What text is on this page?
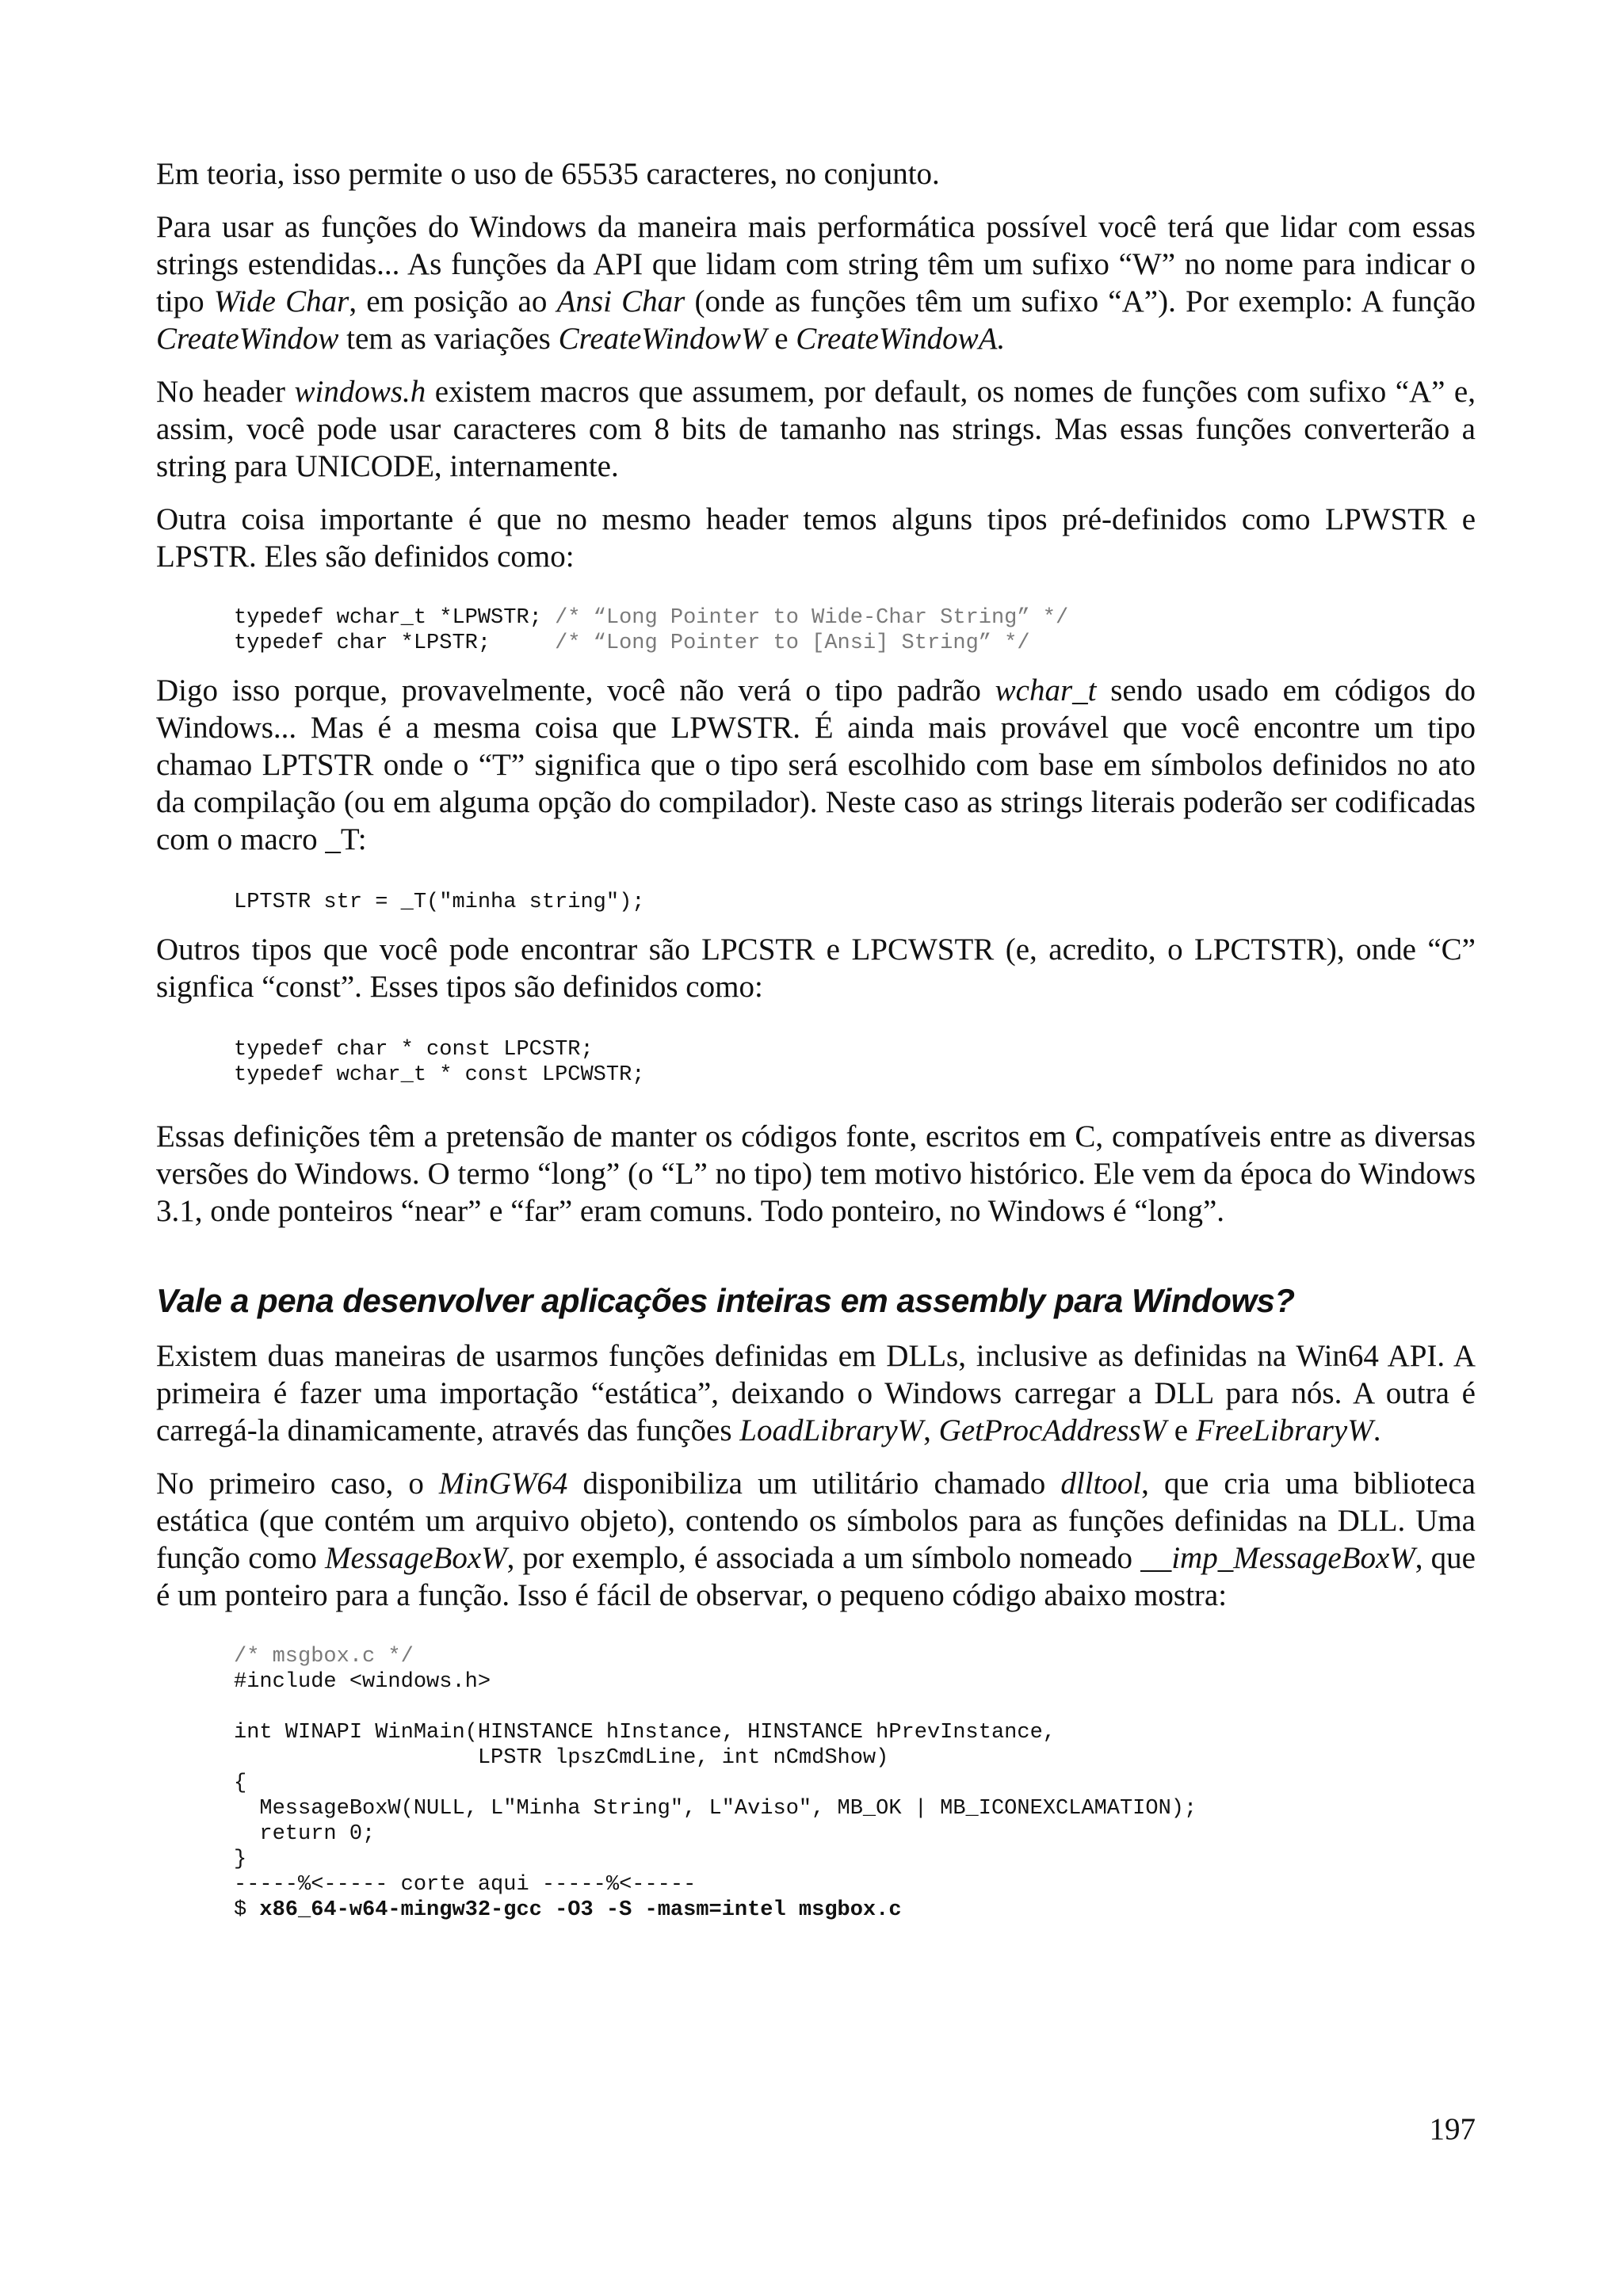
Em teoria, isso permite o uso de 65535 caracteres, no conjunto.

Para usar as funções do Windows da maneira mais performática possível você terá que lidar com essas strings estendidas... As funções da API que lidam com string têm um sufixo “W” no nome para indicar o tipo Wide Char, em posição ao Ansi Char (onde as funções têm um sufixo “A”). Por exemplo: A função CreateWindow tem as variações CreateWindowW e CreateWindowA.

No header windows.h existem macros que assumem, por default, os nomes de funções com sufixo “A” e, assim, você pode usar caracteres com 8 bits de tamanho nas strings. Mas essas funções converterão a string para UNICODE, internamente.

Outra coisa importante é que no mesmo header temos alguns tipos pré-definidos como LPWSTR e LPSTR. Eles são definidos como:

typedef wchar_t *LPWSTR; /* “Long Pointer to Wide-Char String” */
typedef char *LPSTR;     /* “Long Pointer to [Ansi] String” */

Digo isso porque, provavelmente, você não verá o tipo padrão wchar_t sendo usado em códigos do Windows... Mas é a mesma coisa que LPWSTR. É ainda mais provável que você encontre um tipo chamao LPTSTR onde o “T” significa que o tipo será escolhido com base em símbolos definidos no ato da compilação (ou em alguma opção do compilador). Neste caso as strings literais poderão ser codificadas com o macro _T:

LPTSTR str = _T("minha string");

Outros tipos que você pode encontrar são LPCSTR e LPCWSTR (e, acredito, o LPCTSTR), onde “C” signfica “const”. Esses tipos são definidos como:

typedef char * const LPCSTR;
typedef wchar_t * const LPCWSTR;

Essas definições têm a pretensão de manter os códigos fonte, escritos em C, compatíveis entre as diversas versões do Windows. O termo “long” (o “L” no tipo) tem motivo histórico. Ele vem da época do Windows 3.1, onde ponteiros “near” e “far” eram comuns. Todo ponteiro, no Windows é “long”.

Vale a pena desenvolver aplicações inteiras em assembly para Windows?

Existem duas maneiras de usarmos funções definidas em DLLs, inclusive as definidas na Win64 API. A primeira é fazer uma importação “estática”, deixando o Windows carregar a DLL para nós. A outra é carregá-la dinamicamente, através das funções LoadLibraryW, GetProcAddressW e FreeLibraryW.

No primeiro caso, o MinGW64 disponibiliza um utilitário chamado dlltool, que cria uma biblioteca estática (que contém um arquivo objeto), contendo os símbolos para as funções definidas na DLL. Uma função como MessageBoxW, por exemplo, é associada a um símbolo nomeado __imp_MessageBoxW, que é um ponteiro para a função. Isso é fácil de observar, o pequeno código abaixo mostra:

/* msgbox.c */
#include <windows.h>

int WINAPI WinMain(HINSTANCE hInstance, HINSTANCE hPrevInstance,
LPSTR lpszCmdLine, int nCmdShow)
{
MessageBoxW(NULL, L"Minha String", L"Aviso", MB_OK | MB_ICONEXCLAMATION);
return 0;
}
-----%<----- corte aqui -----%<-----
$ x86_64-w64-mingw32-gcc -O3 -S -masm=intel msgbox.c
197
